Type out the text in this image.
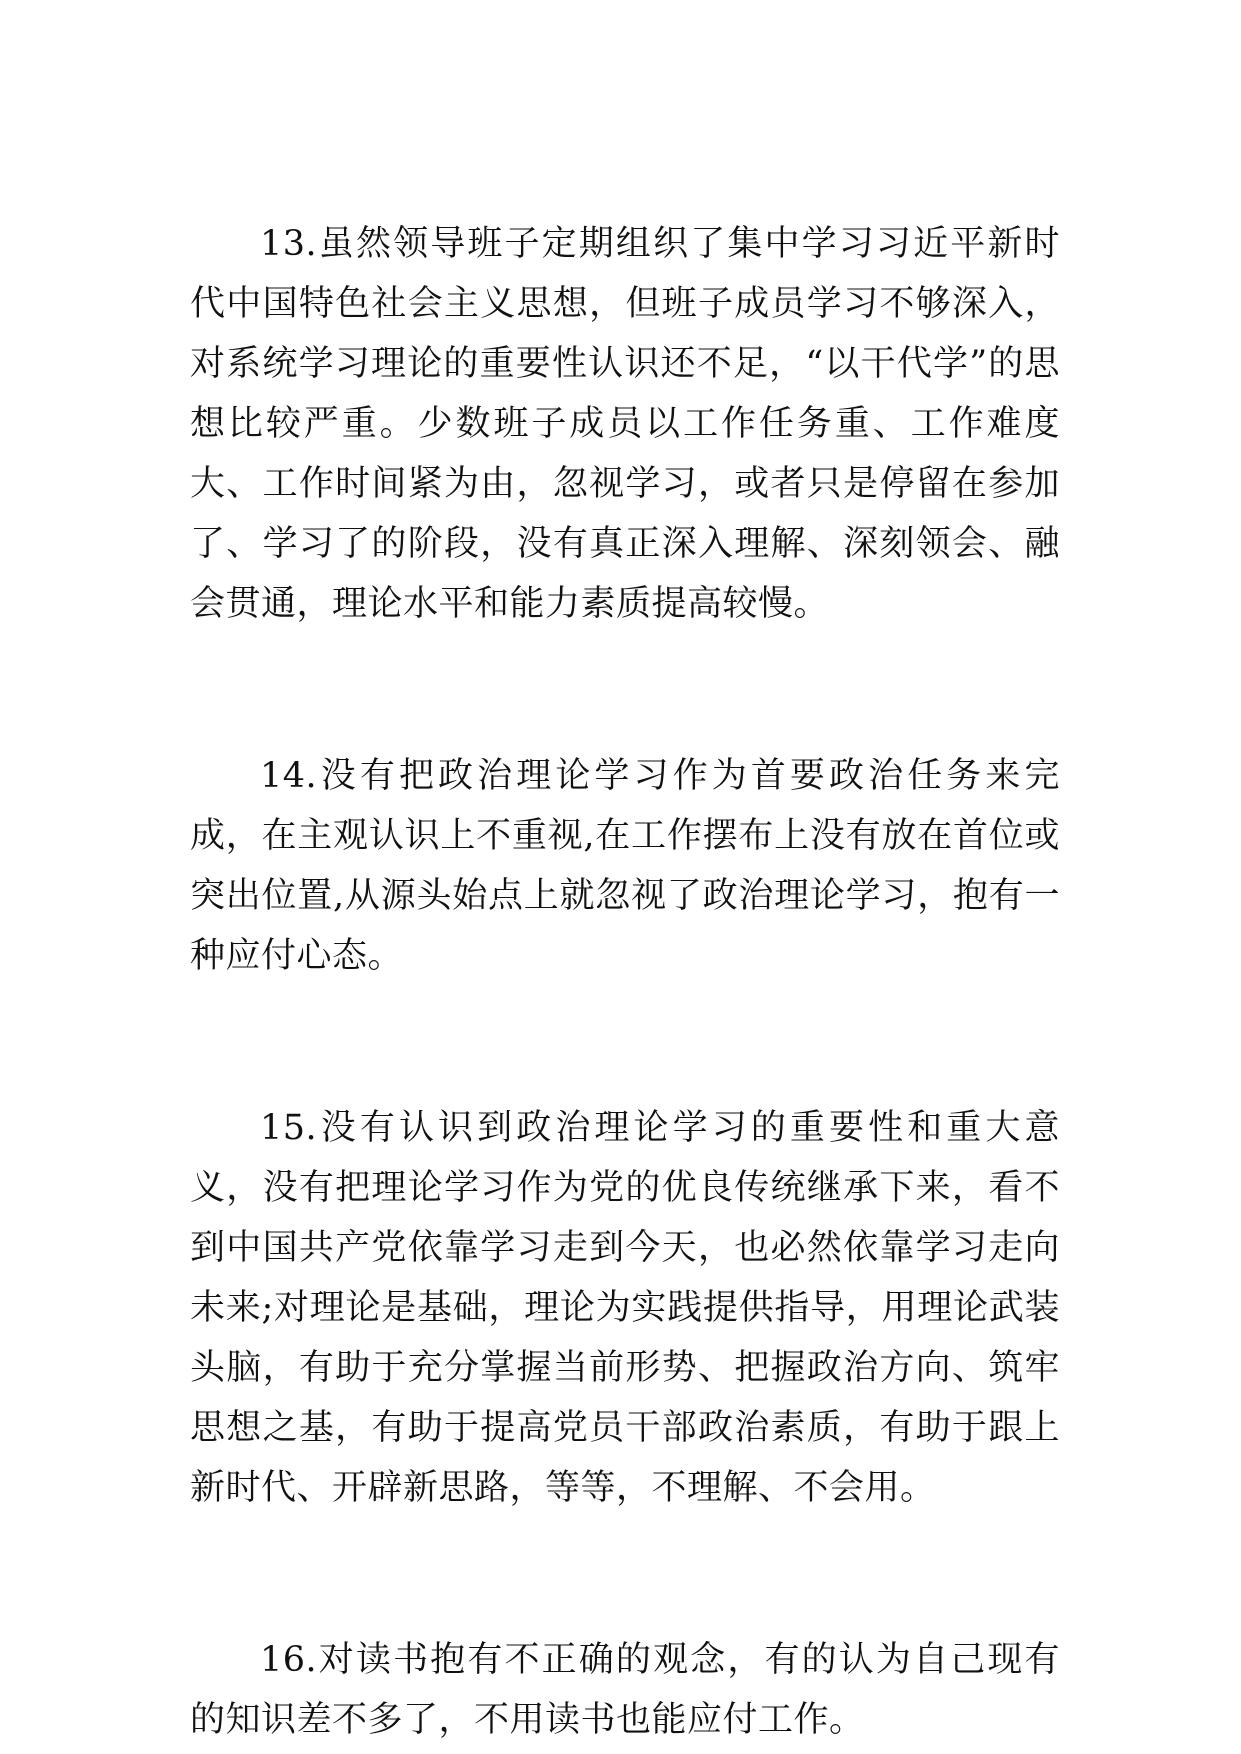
13.虽然领导班子定期组织了集中学习习近平新时代中国特色社会主义思想，但班子成员学习不够深入，对系统学习理论的重要性认识还不足，“以干代学”的思想比较严重。少数班子成员以工作任务重、工作难度大、工作时间紧为由，忽视学习，或者只是停留在参加了、学习了的阶段，没有真正深入理解、深刻领会、融会贯通，理论水平和能力素质提高较慢。

14.没有把政治理论学习作为首要政治任务来完成，在主观认识上不重视,在工作摆布上没有放在首位或突出位置,从源头始点上就忽视了政治理论学习，抱有一种应付心态。

15.没有认识到政治理论学习的重要性和重大意义，没有把理论学习作为党的优良传统继承下来，看不到中国共产党依靠学习走到今天，也必然依靠学习走向未来;对理论是基础，理论为实践提供指导，用理论武装头脑，有助于充分掌握当前形势、把握政治方向、筑牢思想之基，有助于提高党员干部政治素质，有助于跟上新时代、开辟新思路，等等，不理解、不会用。

16.对读书抱有不正确的观念，有的认为自己现有的知识差不多了，不用读书也能应付工作。
